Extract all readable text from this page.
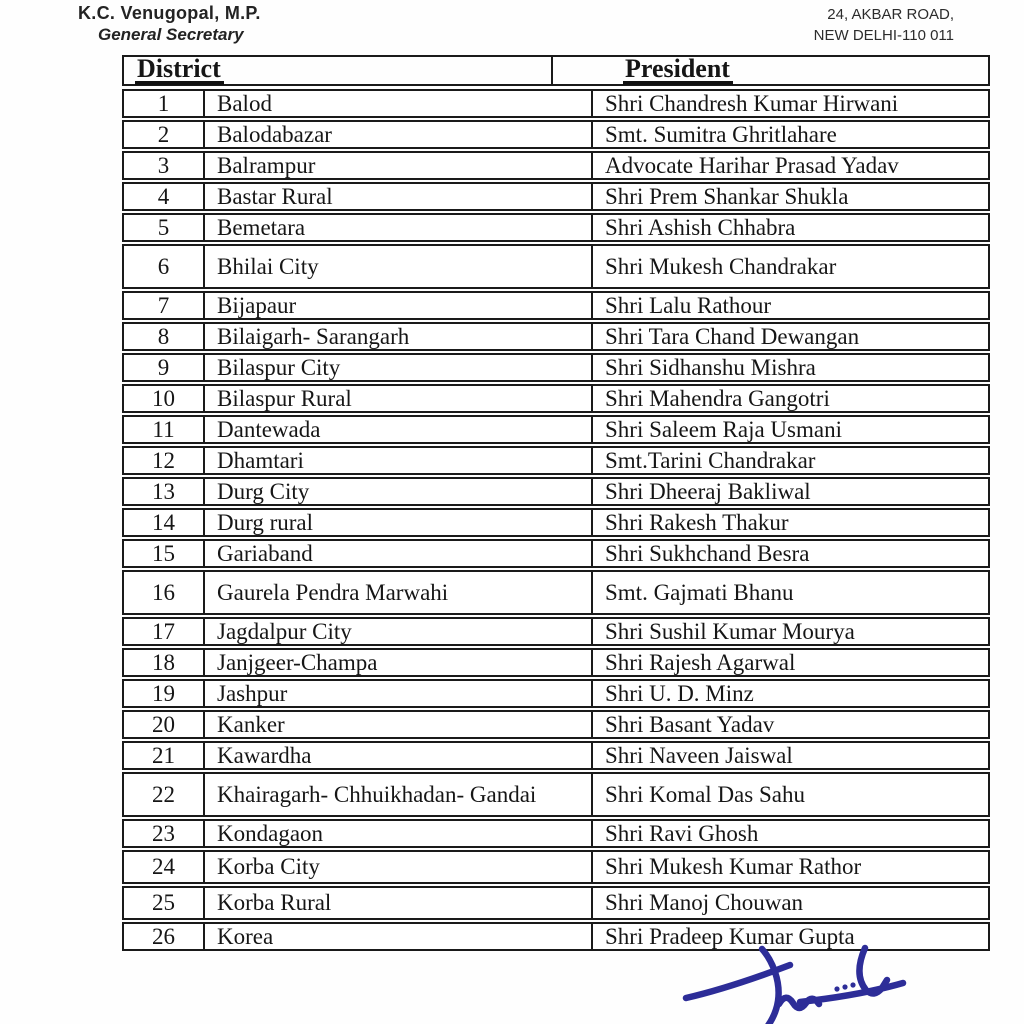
K.C. Venugopal, M.P.
General Secretary
24, AKBAR ROAD,
NEW DELHI-110 011
District	President
1	Balod	Shri Chandresh Kumar Hirwani
2	Balodabazar	Smt. Sumitra Ghritlahare
3	Balrampur	Advocate Harihar Prasad Yadav
4	Bastar Rural	Shri Prem Shankar Shukla
5	Bemetara	Shri Ashish Chhabra
6	Bhilai City	Shri Mukesh Chandrakar
7	Bijapaur	Shri Lalu Rathour
8	Bilaigarh- Sarangarh	Shri Tara Chand Dewangan
9	Bilaspur City	Shri Sidhanshu Mishra
10	Bilaspur Rural	Shri Mahendra Gangotri
11	Dantewada	Shri Saleem Raja Usmani
12	Dhamtari	Smt.Tarini Chandrakar
13	Durg City	Shri Dheeraj Bakliwal
14	Durg rural	Shri Rakesh Thakur
15	Gariaband	Shri Sukhchand Besra
16	Gaurela Pendra Marwahi	Smt. Gajmati Bhanu
17	Jagdalpur City	Shri Sushil Kumar Mourya
18	Janjgeer-Champa	Shri Rajesh Agarwal
19	Jashpur	Shri U. D. Minz
20	Kanker	Shri Basant Yadav
21	Kawardha	Shri Naveen Jaiswal
22	Khairagarh- Chhuikhadan- Gandai	Shri Komal Das Sahu
23	Kondagaon	Shri Ravi Ghosh
24	Korba City	Shri Mukesh Kumar Rathor
25	Korba Rural	Shri Manoj Chouwan
26	Korea	Shri Pradeep Kumar Gupta
